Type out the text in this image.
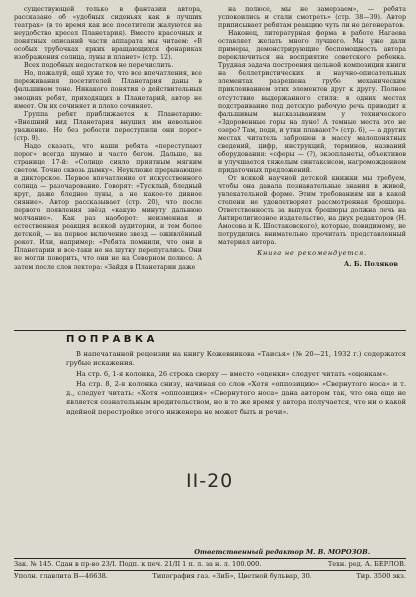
существующей только в фантазии автора, рассказано об «удобных сиденьях как в лучших театрах» (в то время как все посетители жалуются на неудобство кресел Планетария). Вместо красочных и понятных описаний части аппарата мы читаем: «В особых трубочках ярких вращающихся фонариках изображения солнца, луны и планет» (стр. 12).

Всех подобных недостатков не перечислить.

Но, пожалуй, ещё хуже то, что все впечатления, все переживания посетителей Планетария даны в фальшивом тоне. Никакого понятия о действительных эмоциях ребят, приходящих в Планетарий, автор не имеет. Он их сочиняет и плохо сочиняет.

Группа ребят приближается к Планетарию: «Внешний вид Планетария внушил им невольное уважение. Не без робости переступили они порог» (стр. 9).

Надо сказать, что наши ребята «переступают порог» всегда шумно и часто бегом. Дальше, на странице 17-й: «Солнце сияло приятным мягким светом. Точно сквозь дымку». Неуклюже прерывающее и дикторское. Первое впечатление от искусственного солнца — разочарование. Говорят: «Тусклый, бледный круг, даже бледнее луны, а не какое-то дивное сияние». Автор рассказывает (стр. 20), что после первого появления звёзд «какую минуту дальнюю молчание». Как раз наоборот: неизменная и естественная реакция всякой аудитории, и тем более детской, — на первое включение звезд — оживлённый рокот. Или, например: «Ребята помнили, что они в Планетарии и все-таки не на шутку перепугались. Они не могли поверить, что они не на Северном полюсе. А затем после слов лектора: «Зайдя в Планетарии даже

на полюсе, мы не замерзаем», — ребята успокоились и стали смотреть» (стр. 38—39). Автор приписывает ребятам реакцию чуть ли не дегенератов.

Наконец, литературная форма в работе Нагаева оставляет желать много лучшего. Мы уже дали примеры, демонстрирующие беспомощность автора переключиться на восприятие советского ребенка. Трудная задача построения цельной композиции книги на беллетристических и научно-описательных элементах разрешена грубо механическим приклеиванием этих элементов друг к другу. Полное отсутствие выдержанного стиля: в одних местах подстраивание под детскую рабочую речь приводит к фальшивым высказываниям у технического «Здоровенные горы на луне! А темные места это не озеро? Там, поди, и утки плавают?» (стр. 6), — а других местах читатель заброшен в массу малопонятных сведений, цифр, инструкций, терминов, названий оборудования: «сферы — (?), экзопланеты, объективов и улучшается тяжелым синтаксисом, нагромождением придаточных предложений.

От всякой научной детской книжки мы требуем, чтобы она давала познавательные знания в живой, увлекательной форме. Этим требованиям ни в какой степени не удовлетворяет рассмотренная брошюра. Ответственность за выпуск брошюры должна лечь на Антирелигиозное издательство, на двух редакторов (Н. Амосова и К. Шостаковского), которые, повидимому, не потрудились внимательно прочитать представленный материал автора.

Книга не рекомендуется.

А. Б. Поляков

ПОПРАВКА

В напечатанной рецензии на книгу Кожевникова «Таисья» (№ 20—21, 1932 г.) содержатся грубые искажения.

На стр. 6, 1-я колонка, 26 строка сверху — вместо «оценки» следует читать «оценкам».

На стр. 8, 2-я колонка снизу, начиная со слов «Хотя «оппозицию» «Свернутого носа» и т. д., следует читать: «Хотя «оппозиция» «Свернутого носа» дана автором так, что она еще не является сознательным вредительством, но в то же время у автора получается, что ни о какой идейной перестройке этого инженера не может быть и речи».

II-20
Ответственный редактор М. В. МОРОЗОВ.
Зак. № 145. Сдан в пр-во 23/I. Подп. к печ. 21/II 1 п. л. за н. л. 100.000.	Техн. ред. А. БЕРЛОВ.
Уполн. главлита В—46638.	Типография газ. «ЗиБ», Цветной бульвар, 30.	Тир. 3500 экз.
